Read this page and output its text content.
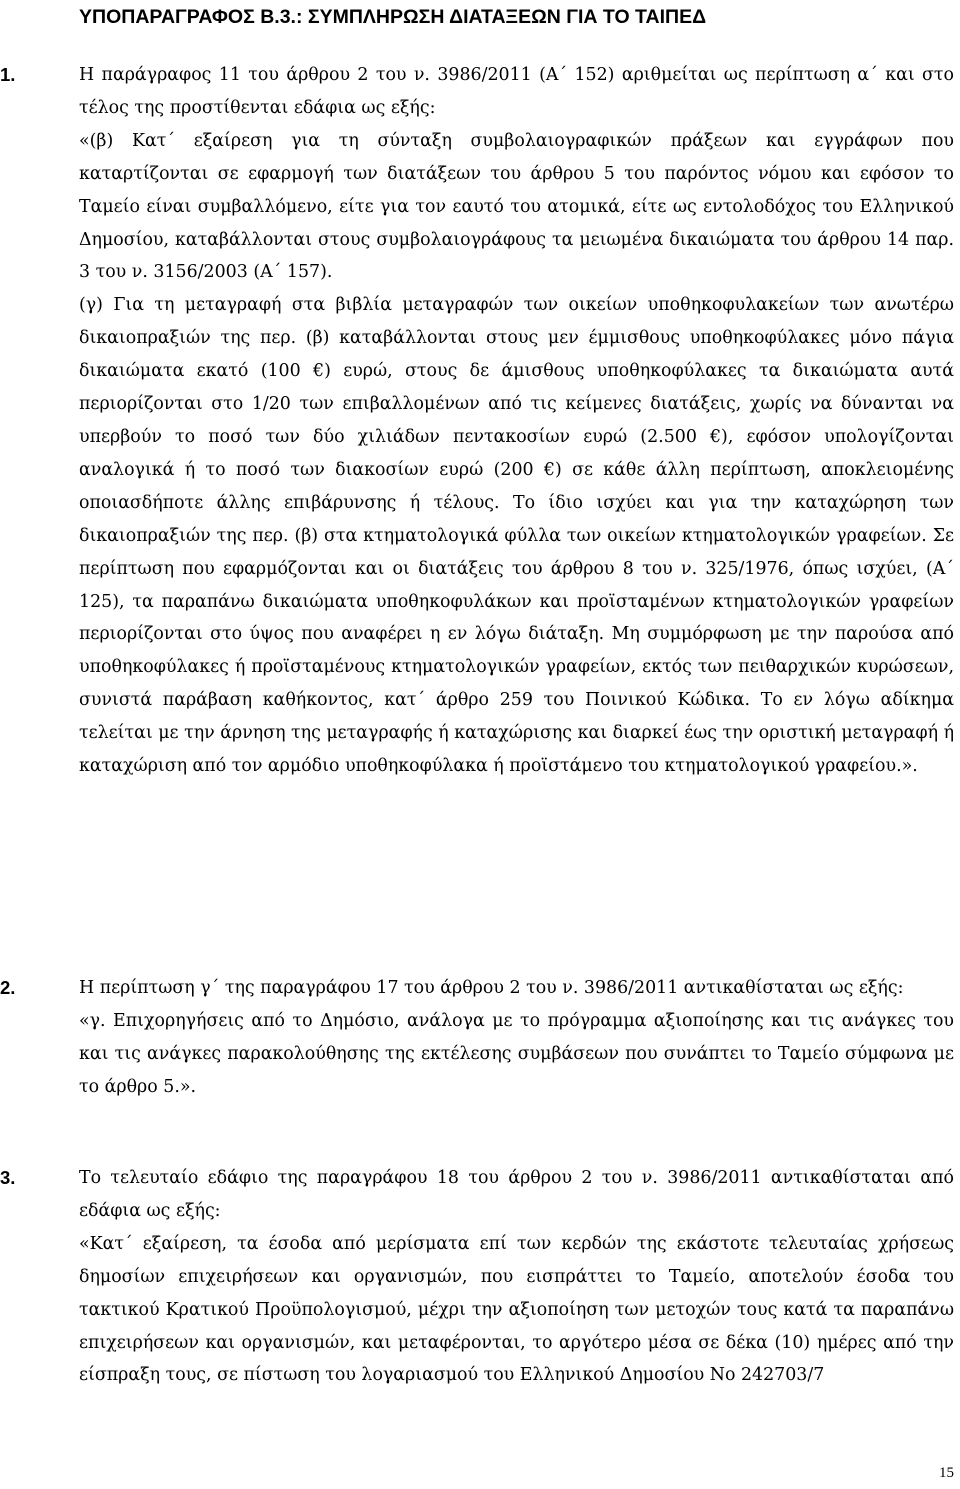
ΥΠΟΠΑΡΑΓΡΑΦΟΣ Β.3.: ΣΥΜΠΛΗΡΩΣΗ ΔΙΑΤΑΞΕΩΝ ΓΙΑ ΤΟ ΤΑΙΠΕΔ
1.	Η παράγραφος 11 του άρθρου 2 του ν. 3986/2011 (Α΄ 152) αριθμείται ως περίπτωση α΄ και στο τέλος της προστίθενται εδάφια ως εξής:

«(β) Κατ΄ εξαίρεση για τη σύνταξη συμβολαιογραφικών πράξεων και εγγράφων που καταρτίζονται σε εφαρμογή των διατάξεων του άρθρου 5 του παρόντος νόμου και εφόσον το Ταμείο είναι συμβαλλόμενο, είτε για τον εαυτό του ατομικά, είτε ως εντολοδόχος του Ελληνικού Δημοσίου, καταβάλλονται στους συμβολαιογράφους τα μειωμένα δικαιώματα του άρθρου 14 παρ. 3 του ν. 3156/2003 (Α΄ 157).

(γ) Για τη μεταγραφή στα βιβλία μεταγραφών των οικείων υποθηκοφυλακείων των ανωτέρω δικαιοπραξιών της περ. (β) καταβάλλονται στους μεν έμμισθους υποθηκοφύλακες μόνο πάγια δικαιώματα εκατό (100 €) ευρώ, στους δε άμισθους υποθηκοφύλακες τα δικαιώματα αυτά περιορίζονται στο 1/20 των επιβαλλομένων από τις κείμενες διατάξεις, χωρίς να δύνανται να υπερβούν το ποσό των δύο χιλιάδων πεντακοσίων ευρώ (2.500 €), εφόσον υπολογίζονται αναλογικά ή το ποσό των διακοσίων ευρώ (200 €) σε κάθε άλλη περίπτωση, αποκλειομένης οποιασδήποτε άλλης επιβάρυνσης ή τέλους. Το ίδιο ισχύει και για την καταχώρηση των δικαιοπραξιών της περ. (β) στα κτηματολογικά φύλλα των οικείων κτηματολογικών γραφείων. Σε περίπτωση που εφαρμόζονται και οι διατάξεις του άρθρου 8 του ν. 325/1976, όπως ισχύει, (Α΄ 125), τα παραπάνω δικαιώματα υποθηκοφυλάκων και προϊσταμένων κτηματολογικών γραφείων περιορίζονται στο ύψος που αναφέρει η εν λόγω διάταξη. Μη συμμόρφωση με την παρούσα από υποθηκοφύλακες ή προϊσταμένους κτηματολογικών γραφείων, εκτός των πειθαρχικών κυρώσεων, συνιστά παράβαση καθήκοντος, κατ΄ άρθρο 259 του Ποινικού Κώδικα. Το εν λόγω αδίκημα τελείται με την άρνηση της μεταγραφής ή καταχώρισης και διαρκεί έως την οριστική μεταγραφή ή καταχώριση από τον αρμόδιο υποθηκοφύλακα ή προϊστάμενο του κτηματολογικού γραφείου.».

2.	Η περίπτωση γ΄ της παραγράφου 17 του άρθρου 2 του ν. 3986/2011 αντικαθίσταται ως εξής:

«γ. Επιχορηγήσεις από το Δημόσιο, ανάλογα με το πρόγραμμα αξιοποίησης και τις ανάγκες του και τις ανάγκες παρακολούθησης της εκτέλεσης συμβάσεων που συνάπτει το Ταμείο σύμφωνα με το άρθρο 5.».

3.	Το τελευταίο εδάφιο της παραγράφου 18 του άρθρου 2 του ν. 3986/2011 αντικαθίσταται από εδάφια ως εξής:

«Κατ΄ εξαίρεση, τα έσοδα από μερίσματα επί των κερδών της εκάστοτε τελευταίας χρήσεως δημοσίων επιχειρήσεων και οργανισμών, που εισπράττει το Ταμείο, αποτελούν έσοδα του τακτικού Κρατικού Προϋπολογισμού, μέχρι την αξιοποίηση των μετοχών τους κατά τα παραπάνω επιχειρήσεων και οργανισμών, και μεταφέρονται, το αργότερο μέσα σε δέκα (10) ημέρες από την είσπραξη τους, σε πίστωση του λογαριασμού του Ελληνικού Δημοσίου Νο 242703/7

15
